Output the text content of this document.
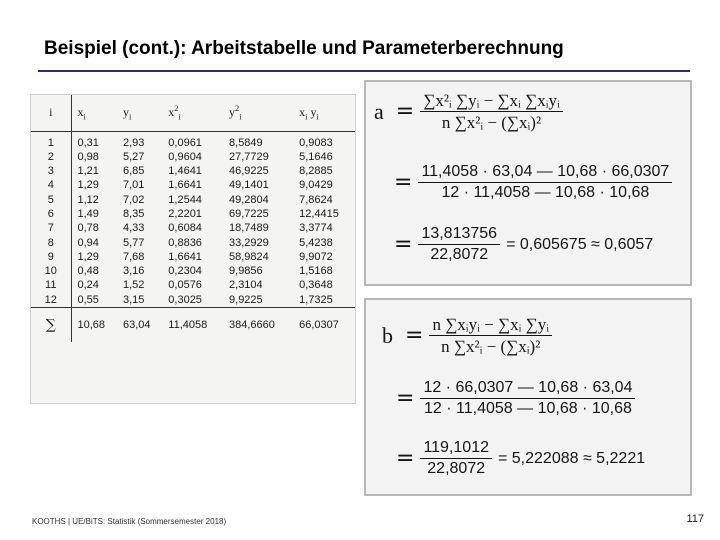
Beispiel (cont.): Arbeitstabelle und Parameterberechnung
i	$x_i$	$y_i$	$x^2_i$	$y^2_i$	$x_i$ $y_i$
1	0,31	2,93	0,0961	8,5849	0,9083
2	0,98	5,27	0,9604	27,7729	5,1646
3	1,21	6,85	1,4641	46,9225	8,2885
4	1,29	7,01	1,6641	49,1401	9,0429
5	1,12	7,02	1,2544	49,2804	7,8624
6	1,49	8,35	2,2201	69,7225	12,4415
7	0,78	4,33	0,6084	18,7489	3,3774
8	0,94	5,77	0,8836	33,2929	5,4238
9	1,29	7,68	1,6641	58,9824	9,9072
10	0,48	3,16	0,2304	9,9856	1,5168
11	0,24	1,52	0,0576	2,3104	0,3648
12	0,55	3,15	0,3025	9,9225	1,7325
∑	10,68	63,04	11,4058	384,6660	66,0307
$a = \frac{\text{∑x²ᵢ ∑yᵢ − ∑xᵢ ∑xᵢyᵢ}}{\text{n ∑x²ᵢ − (∑xᵢ)²}}$
= $\frac{11,4058 \cdot 63,04 — 10,68 \cdot 66,0307}{12 \cdot 11,4058 — 10,68 \cdot 10,68}$
= $\frac{13,813756}{22,8072} = 0,605675 \approx 0,6057$
$b = \frac{\text{n ∑xᵢyᵢ − ∑xᵢ ∑yᵢ}}{\text{n ∑x²ᵢ − (∑xᵢ)²}}$
= $\frac{12 \cdot 66,0307 — 10,68 \cdot 63,04}{12 \cdot 11,4058 — 10,68 \cdot 10,68}$
= $\frac{119,1012}{22,8072} = 5,222088 \approx 5,2221$
KOOTHS | UE/BiTS: Statistik (Sommersemester 2018)	117
